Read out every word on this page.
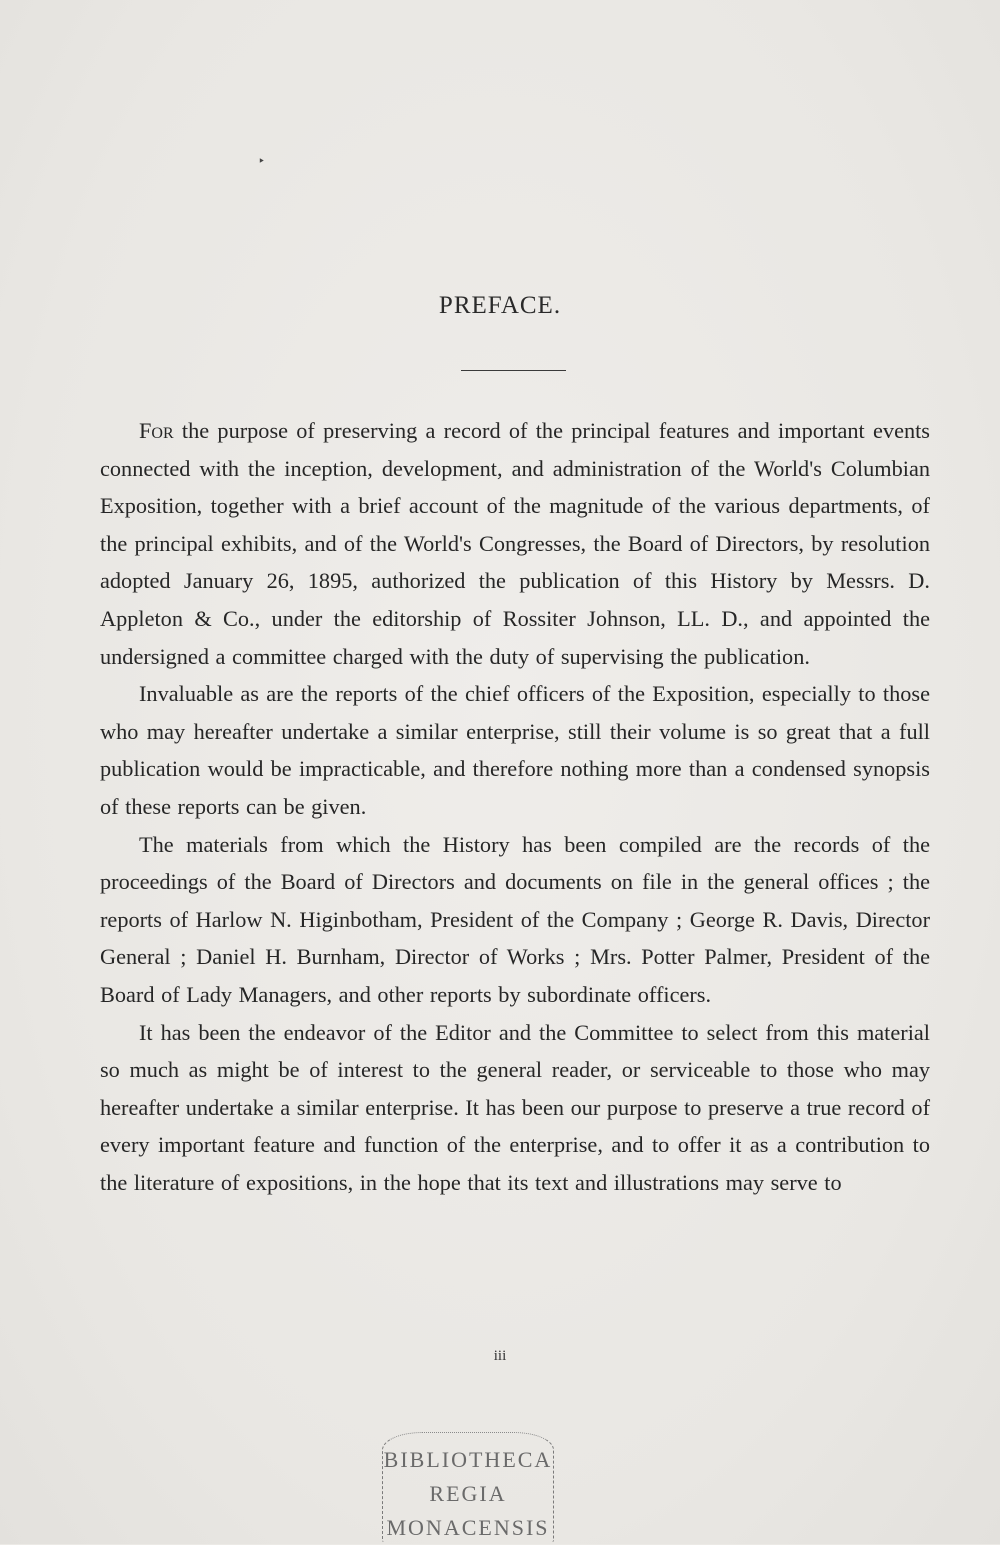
‣
PREFACE.

For the purpose of preserving a record of the principal features and important events connected with the inception, development, and administration of the World's Columbian Exposition, together with a brief account of the magnitude of the various departments, of the principal exhibits, and of the World's Congresses, the Board of Directors, by resolution adopted January 26, 1895, authorized the publication of this History by Messrs. D. Appleton & Co., under the editorship of Rossiter Johnson, LL. D., and appointed the undersigned a committee charged with the duty of supervising the publication.

Invaluable as are the reports of the chief officers of the Exposition, especially to those who may hereafter undertake a similar enterprise, still their volume is so great that a full publication would be impracticable, and therefore nothing more than a condensed synopsis of these reports can be given.

The materials from which the History has been compiled are the records of the proceedings of the Board of Directors and documents on file in the general offices ; the reports of Harlow N. Higinbotham, President of the Company ; George R. Davis, Director General ; Daniel H. Burnham, Director of Works ; Mrs. Potter Palmer, President of the Board of Lady Managers, and other reports by subordinate officers.

It has been the endeavor of the Editor and the Committee to select from this material so much as might be of interest to the general reader, or serviceable to those who may hereafter undertake a similar enterprise. It has been our purpose to preserve a true record of every important feature and function of the enterprise, and to offer it as a contribution to the literature of expositions, in the hope that its text and illustrations may serve to

iii
BIBLIOTHECA
REGIA
MONACENSIS
